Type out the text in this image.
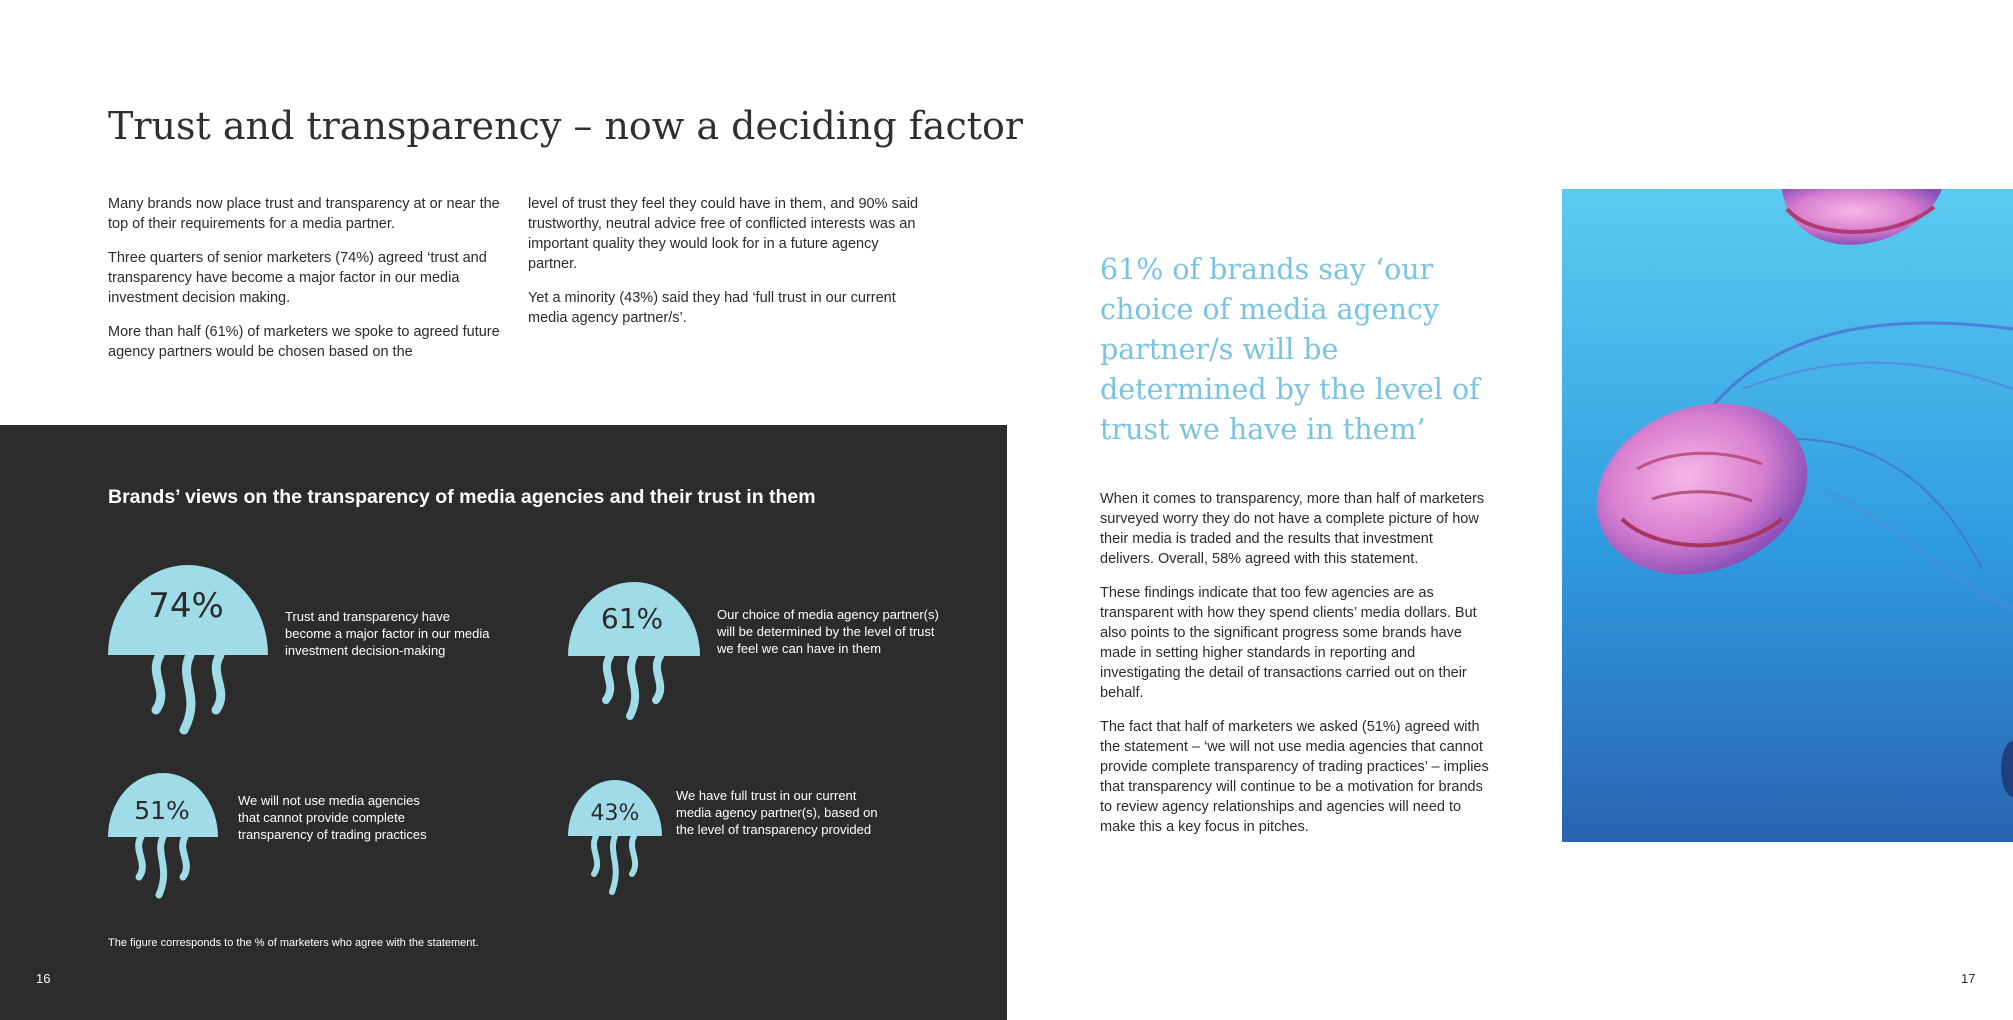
Trust and transparency – now a deciding factor

Many brands now place trust and transparency at or near the top of their requirements for a media partner.

Three quarters of senior marketers (74%) agreed ‘trust and transparency have become a major factor in our media investment decision making.

More than half (61%) of marketers we spoke to agreed future agency partners would be chosen based on the

level of trust they feel they could have in them, and 90% said trustworthy, neutral advice free of conflicted interests was an important quality they would look for in a future agency partner.

Yet a minority (43%) said they had ‘full trust in our current media agency partner/s’.

Brands’ views on the transparency of media agencies and their trust in them
74%	Trust and transparency have become a major factor in our media investment decision-making
61%	Our choice of media agency partner(s) will be determined by the level of trust we feel we can have in them
51%	We will not use media agencies that cannot provide complete transparency of trading practices
43%
We have full trust in our current media agency partner(s), based on the level of transparency provided
The figure corresponds to the % of marketers who agree with the statement.
16	17
61% of brands say ‘our choice of media agency partner/s will be determined by the level of trust we have in them’

When it comes to transparency, more than half of marketers surveyed worry they do not have a complete picture of how their media is traded and the results that investment delivers. Overall, 58% agreed with this statement.

These findings indicate that too few agencies are as transparent with how they spend clients’ media dollars. But also points to the significant progress some brands have made in setting higher standards in reporting and investigating the detail of transactions carried out on their behalf.

The fact that half of marketers we asked (51%) agreed with the statement – ‘we will not use media agencies that cannot provide complete transparency of trading practices’ – implies that transparency will continue to be a motivation for brands to review agency relationships and agencies will need to make this a key focus in pitches.
